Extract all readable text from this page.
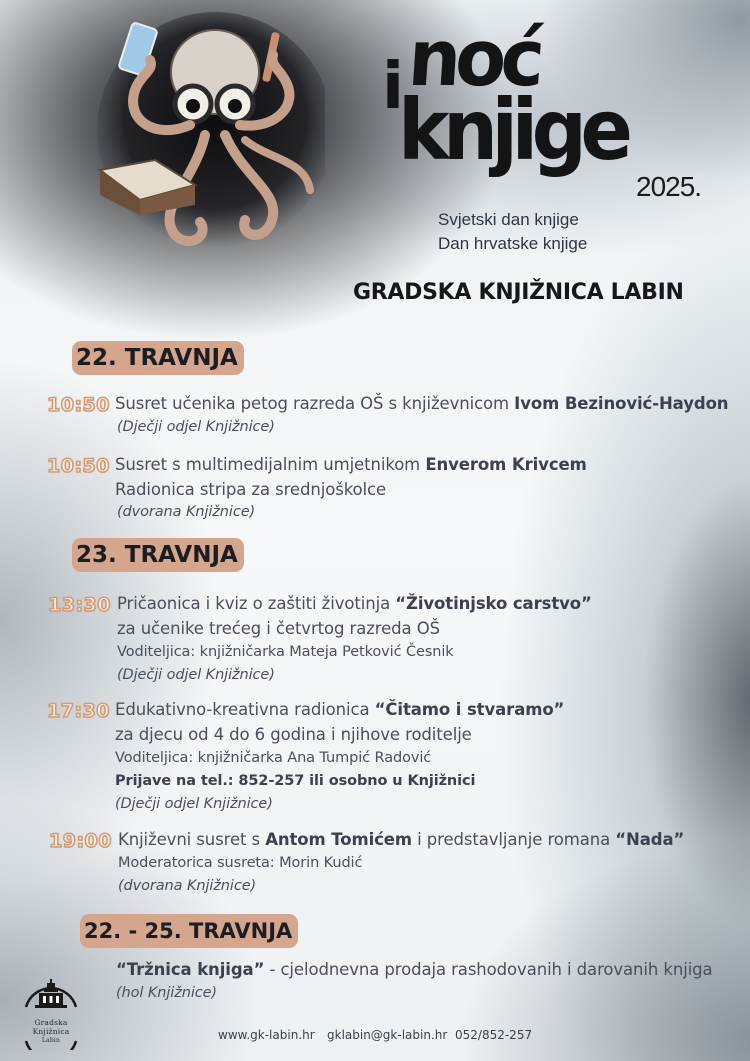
i noć
knjige
2025.
Svjetski dan knjige
Dan hrvatske knjige
GRADSKA KNJIŽNICA LABIN
22. TRAVNJA
10:50 Susret učenika petog razreda OŠ s književnicom Ivom Bezinović-Haydon
(Dječji odjel Knjižnice)
10:50 Susret s multimedijalnim umjetnikom Enverom Krivcem
Radionica stripa za srednjoškolce
(dvorana Knjižnice)
23. TRAVNJA
13:30 Pričaonica i kviz o zaštiti životinja “Životinjsko carstvo”
za učenike trećeg i četvrtog razreda OŠ
Voditeljica: knjižničarka Mateja Petković Česnik
(Dječji odjel Knjižnice)
17:30 Edukativno-kreativna radionica “Čitamo i stvaramo”
za djecu od 4 do 6 godina i njihove roditelje
Voditeljica: knjižničarka Ana Tumpić Radović
Prijave na tel.: 852-257 ili osobno u Knjižnici
(Dječji odjel Knjižnice)
19:00 Književni susret s Antom Tomićem i predstavljanje romana “Nada”
Moderatorica susreta: Morin Kudić
(dvorana Knjižnice)
22. - 25. TRAVNJA
“Tržnica knjiga” - cjelodnevna prodaja rashodovanih i darovanih knjiga
(hol Knjižnice)
Gradska
Knjižnica
Labin	www.gk-labin.hr gklabin@gk-labin.hr 052/852-257
